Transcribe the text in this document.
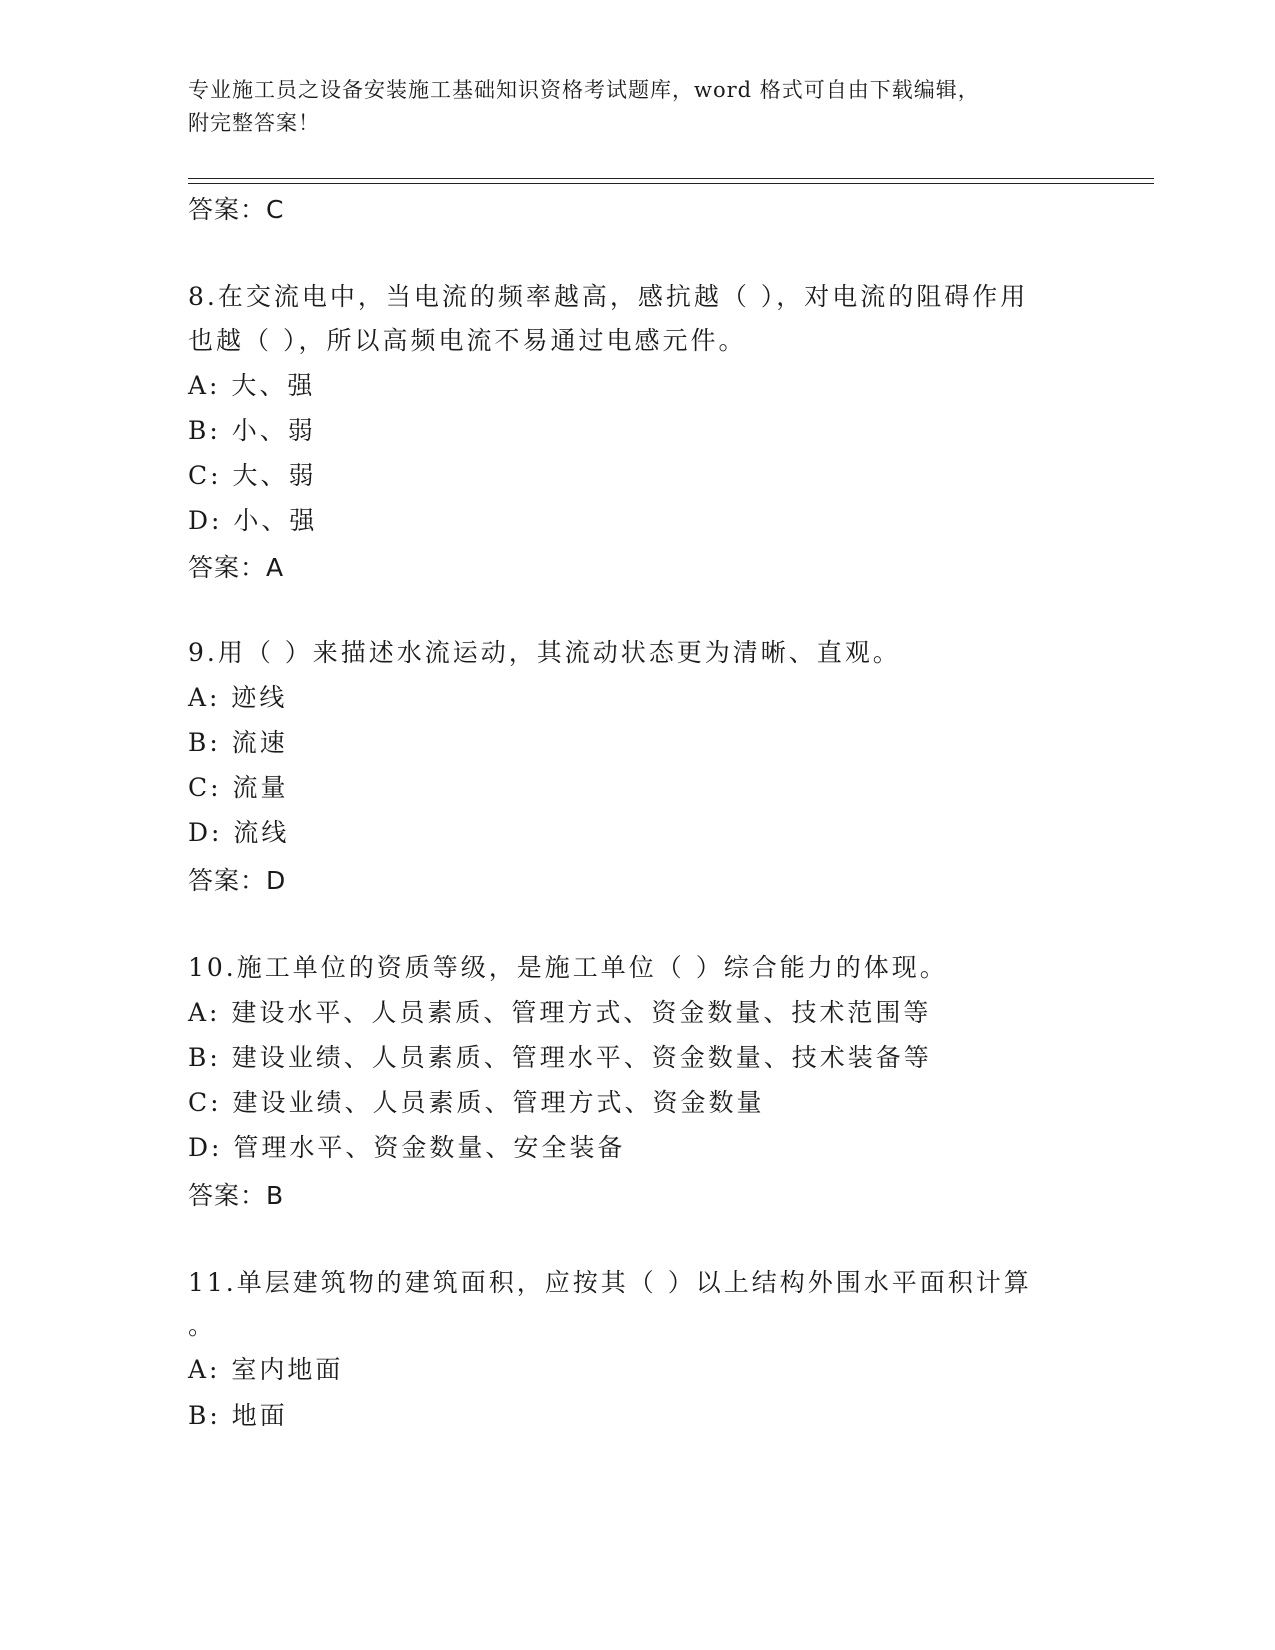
专业施工员之设备安装施工基础知识资格考试题库，word 格式可自由下载编辑，
附完整答案！
答案：C
8.在交流电中，当电流的频率越高，感抗越（ ），对电流的阻碍作用
也越（ ），所以高频电流不易通过电感元件。
A: 大、强
B: 小、弱
C: 大、弱
D: 小、强
答案：A
9.用（ ）来描述水流运动，其流动状态更为清晰、直观。
A: 迹线
B: 流速
C: 流量
D: 流线
答案：D
10.施工单位的资质等级，是施工单位（ ）综合能力的体现。
A: 建设水平、人员素质、管理方式、资金数量、技术范围等
B: 建设业绩、人员素质、管理水平、资金数量、技术装备等
C: 建设业绩、人员素质、管理方式、资金数量
D: 管理水平、资金数量、安全装备
答案：B
11.单层建筑物的建筑面积，应按其（ ）以上结构外围水平面积计算
。
A: 室内地面
B: 地面
